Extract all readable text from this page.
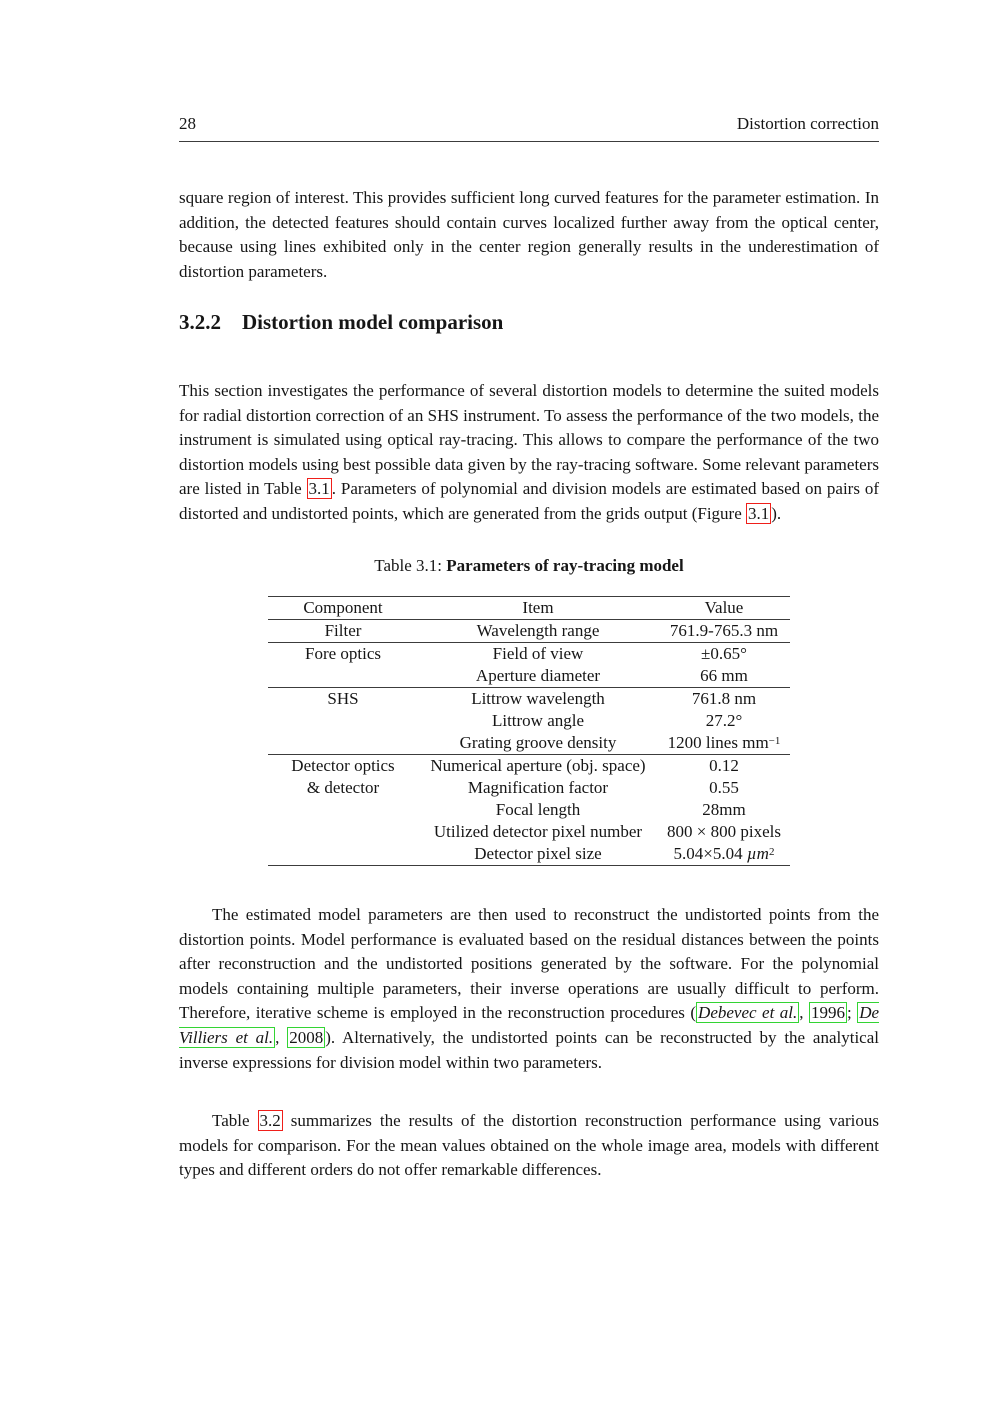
28	Distortion correction

square region of interest. This provides sufficient long curved features for the parameter estimation. In addition, the detected features should contain curves localized further away from the optical center, because using lines exhibited only in the center region generally results in the underestimation of distortion parameters.

3.2.2 Distortion model comparison

This section investigates the performance of several distortion models to determine the suited models for radial distortion correction of an SHS instrument. To assess the performance of the two models, the instrument is simulated using optical ray-tracing. This allows to compare the performance of the two distortion models using best possible data given by the ray-tracing software. Some relevant parameters are listed in Table 3.1 . Parameters of polynomial and division models are estimated based on pairs of distorted and undistorted points, which are generated from the grids output (Figure 3.1 ).

Table 3.1: Parameters of ray-tracing model
Component	Item	Value
Filter	Wavelength range	761.9-765.3 nm
Fore optics	Field of view	±0.65°
	Aperture diameter	66 mm
SHS	Littrow wavelength	761.8 nm
	Littrow angle	27.2°
	Grating groove density	1200 lines $mm^{-1}$

Detector optics
& detector	Numerical aperture (obj. space)	0.12
	Magnification factor	0.55
	Focal length	28mm
	Utilized detector pixel number	800 × 800 pixels
	Detector pixel size	5.04×5.04 µm$^2$

The estimated model parameters are then used to reconstruct the undistorted points from the distortion points. Model performance is evaluated based on the residual distances between the points after reconstruction and the undistorted positions generated by the software. For the polynomial models containing multiple parameters, their inverse operations are usually difficult to perform. Therefore, iterative scheme is employed in the reconstruction procedures ( Debevec et al. , 1996 ; De Villiers et al. , 2008 ). Alternatively, the undistorted points can be reconstructed by the analytical inverse expressions for division model within two parameters.

Table 3.2 summarizes the results of the distortion reconstruction performance using various models for comparison. For the mean values obtained on the whole image area, models with different types and different orders do not offer remarkable differences.
